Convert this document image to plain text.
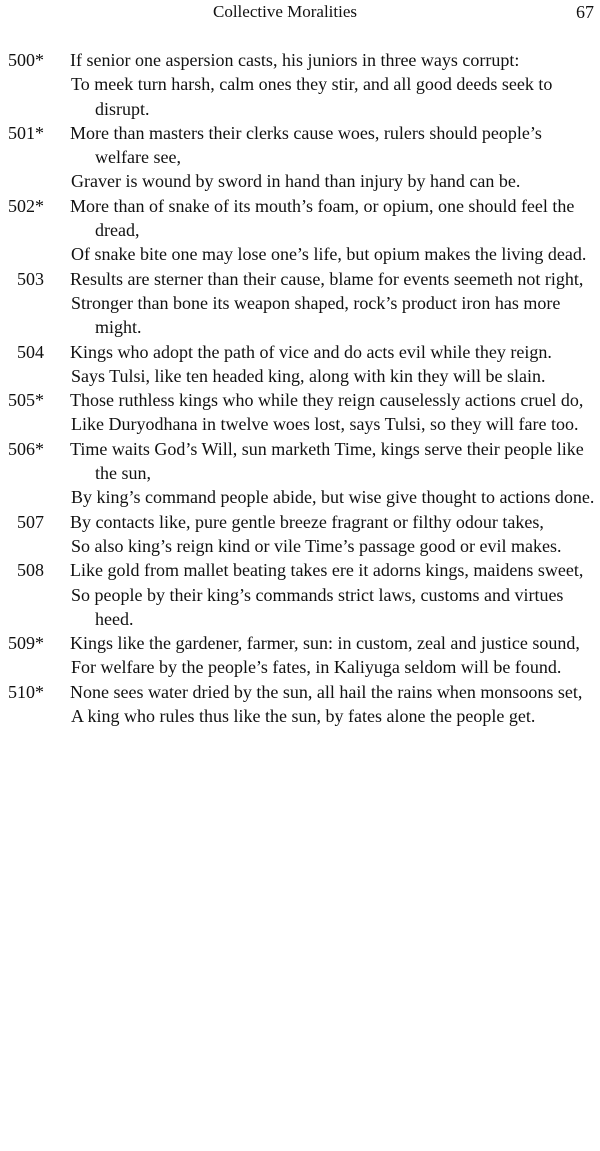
Collective Moralities	67
500* If senior one aspersion casts, his juniors in three ways corrupt:
To meek turn harsh, calm ones they stir, and all good deeds seek to disrupt.
501* More than masters their clerks cause woes, rulers should people’s welfare see,
Graver is wound by sword in hand than injury by hand can be.
502* More than of snake of its mouth’s foam, or opium, one should feel the dread,
Of snake bite one may lose one’s life, but opium makes the living dead.
503 Results are sterner than their cause, blame for events seemeth not right,
Stronger than bone its weapon shaped, rock’s product iron has more might.
504 Kings who adopt the path of vice and do acts evil while they reign.
Says Tulsi, like ten headed king, along with kin they will be slain.
505* Those ruthless kings who while they reign causelessly actions cruel do,
Like Duryodhana in twelve woes lost, says Tulsi, so they will fare too.
506* Time waits God’s Will, sun marketh Time, kings serve their people like the sun,
By king’s command people abide, but wise give thought to actions done.
507 By contacts like, pure gentle breeze fragrant or filthy odour takes,
So also king’s reign kind or vile Time’s passage good or evil makes.
508 Like gold from mallet beating takes ere it adorns kings, maidens sweet,
So people by their king’s commands strict laws, customs and virtues heed.
509* Kings like the gardener, farmer, sun: in custom, zeal and justice sound,
For welfare by the people’s fates, in Kaliyuga seldom will be found.
510* None sees water dried by the sun, all hail the rains when monsoons set,
A king who rules thus like the sun, by fates alone the people get.
